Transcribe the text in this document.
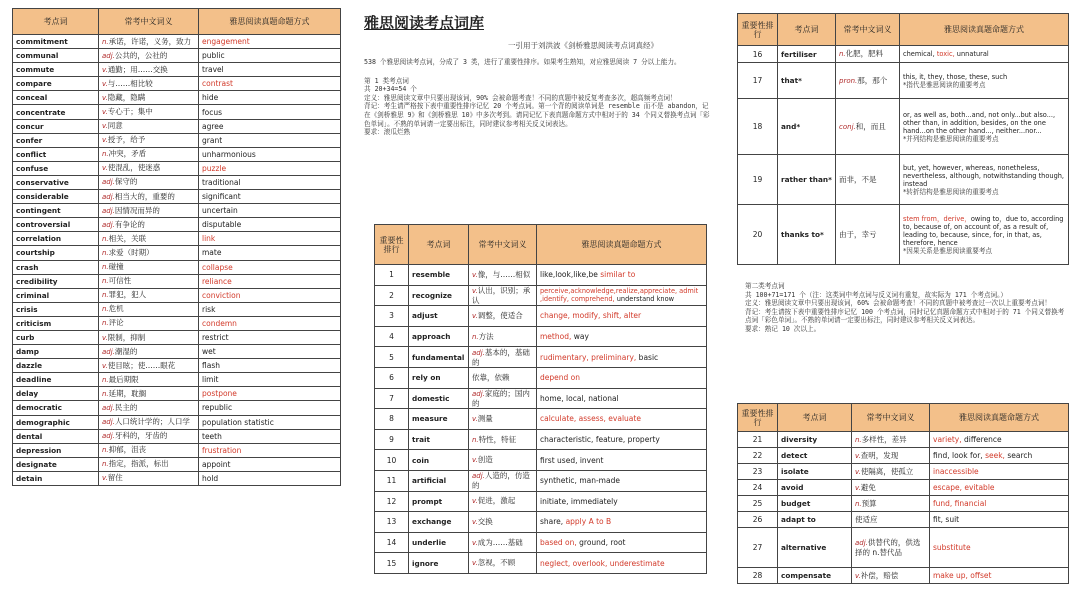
考点词	常考中文词义	雅思阅读真题命题方式
commitment	n.承诺，许诺，义务，致力	engagement
communal	adj.公共的，公社的	public
commute	v.通勤；用……交换	travel
compare	v.与……相比较	contrast
conceal	v.隐藏，隐瞒	hide
concentrate	v.专心于；集中	focus
concur	v.同意	agree
confer	v.授予，给予	grant
conflict	n.冲突，矛盾	unharmonious
confuse	v.使混乱，使迷惑	puzzle
conservative	adj.保守的	traditional
considerable	adj.相当大的，重要的	significant
contingent	adj.因情况而异的	uncertain
controversial	adj.有争论的	disputable
correlation	n.相关，关联	link
courtship	n.求爱（时期）	mate
crash	n.碰撞	collapse
credibility	n.可信性	reliance
criminal	n.罪犯，犯人	conviction
crisis	n.危机	risk
criticism	n.评论	condemn
curb	v.限制，抑制	restrict
damp	adj.潮湿的	wet
dazzle	v.使目眩；使……眼花	flash
deadline	n.最后期限	limit
delay	n.延期，耽搁	postpone
democratic	adj.民主的	republic
demographic	adj.人口统计学的；人口学	population statistic
dental	adj.牙科的，牙齿的	teeth
depression	n.抑郁，沮丧	frustration
designate	n.指定，指派，标出	appoint
detain	v.留住	hold
雅思阅读考点词库
一引用于刘洪波《剑桥雅思阅读考点词真经》

538 个雅思阅读考点词，分成了 3 类，进行了重要性排序。如果考生熟知，对应雅思阅读 7 分以上能力。

第 1 类考点词

共 20+34=54 个

定义：雅思阅读文章中只要出现该词，90% 会被命题考查！不同的真题中被反复考查多次，超高频考点词！

背记：考生请严格按下表中重要性排序记忆 20 个考点词。第一个背的阅读单词是 resemble 而不是 abandon，记在《剑桥雅思 9》和《剑桥雅思 10》中多次考到。请同记忆下表真题命题方式中相对于的 34 个同义替换考点词「彩色单词」。不熟的单词请一定要出标注，同时建议参考相关反义词表达。

要求：滚瓜烂熟

重要性排行	考点词	常考中文词义	雅思阅读真题命题方式
1	resemble	v.像，与……相似	like,look,like,be similar to
2	recognize	v.认出，识别；承认	perceive,acknowledge,realize,appreciate, admit ,identify, comprehend, understand know
3	adjust	v.调整，使适合	change, modify, shift, alter
4	approach	n.方法	method, way
5	fundamental	adj.基本的，基础的	rudimentary, preliminary, basic
6	rely on	依靠，依赖	depend on
7	domestic	adj.家庭的；国内的	home, local, national
8	measure	v.测量	calculate, assess, evaluate
9	trait	n.特性，特征	characteristic, feature, property
10	coin	v.创造	first used, invent
11	artificial	adj.人造的，仿造的	synthetic, man-made
12	prompt	v.促进，激起	initiate, immediately
13	exchange	v.交换	share, apply A to B
14	underlie	v.成为……基础	based on, ground, root
15	ignore	v.忽视，不顾	neglect, overlook, underestimate
重要性排行	考点词	常考中文词义	雅思阅读真题命题方式
16	fertiliser	n.化肥，肥料	chemical, toxic, unnatural
17	that*	pron.那，那个	this, it, they, those, these, such
*指代是雅思阅读的重要考点
18	and*	conj.和，而且	or, as well as, both...and, not only...but also..., other than, in addition, besides, on the one hand...on the other hand..., neither...nor...
*并列结构是雅思阅读的重要考点
19	rather than*	而非，不是	but, yet, however, whereas, nonetheless, nevertheless, although, notwithstanding though, instead
*转折结构是雅思阅读的重要考点
20	thanks to*	由于，幸亏	stem from，derive，owing to，due to, according to, because of, on account of, as a result of, leading to, because, since, for, in that, as, therefore, hence
*因果关系是雅思阅读重要考点

第二类考点词

共 100+71=171 个（注：这类词中考点词与反义词有重复，故实际为 171 个考点词。）

定义：雅思阅读文章中只要出现该词，60% 会被命题考查！不同的真题中被考查过一次以上重要考点词！

背记：考生请按下表中重要性排序记忆 100 个考点词，同时记忆真题命题方式中相对于的 71 个同义替换考点词「彩色单词」。不熟的单词请一定要出标注，同时建议参考相关反义词表达。

要求：熟记 10 次以上。

重要性排行	考点词	常考中文词义	雅思阅读真题命题方式
21	diversity	n.多样性，差异	variety, difference
22	detect	v.查明，发现	find, look for, seek, search
23	isolate	v.使隔离，使孤立	inaccessible
24	avoid	v.避免	escape, evitable
25	budget	n.预算	fund, financial
26	adapt to	使适应	fit, suit
27	alternative	adj.供替代的，供选择的 n.替代品	substitute
28	compensate	v.补偿，赔偿	make up, offset
